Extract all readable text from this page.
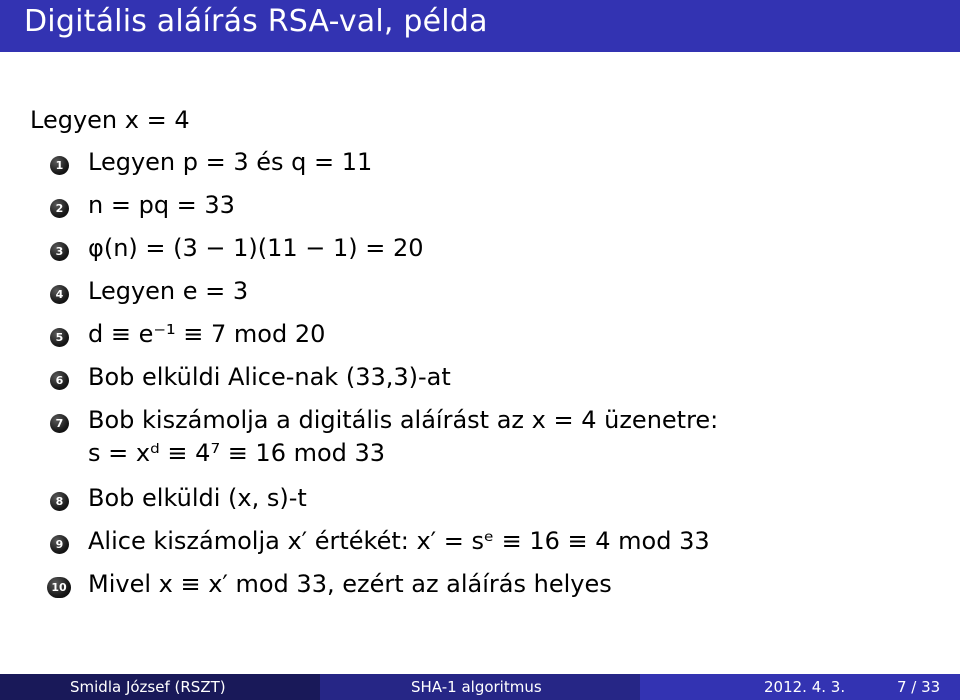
Digitális aláírás RSA-val, példa
Legyen x = 4
1 Legyen p = 3 és q = 11
2 n = pq = 33
3 φ(n) = (3 − 1)(11 − 1) = 20
4 Legyen e = 3
5 d ≡ e⁻¹ ≡ 7 mod 20
6 Bob elküldi Alice-nak (33,3)-at
7 Bob kiszámolja a digitális aláírást az x = 4 üzenetre:
s = xᵈ ≡ 4⁷ ≡ 16 mod 33
8 Bob elküldi (x, s)-t
9 Alice kiszámolja x′ értékét: x′ = sᵉ ≡ 16 ≡ 4 mod 33
10 Mivel x ≡ x′ mod 33, ezért az aláírás helyes
Smidla József (RSZT)	SHA-1 algoritmus	2012. 4. 3.	7 / 33
